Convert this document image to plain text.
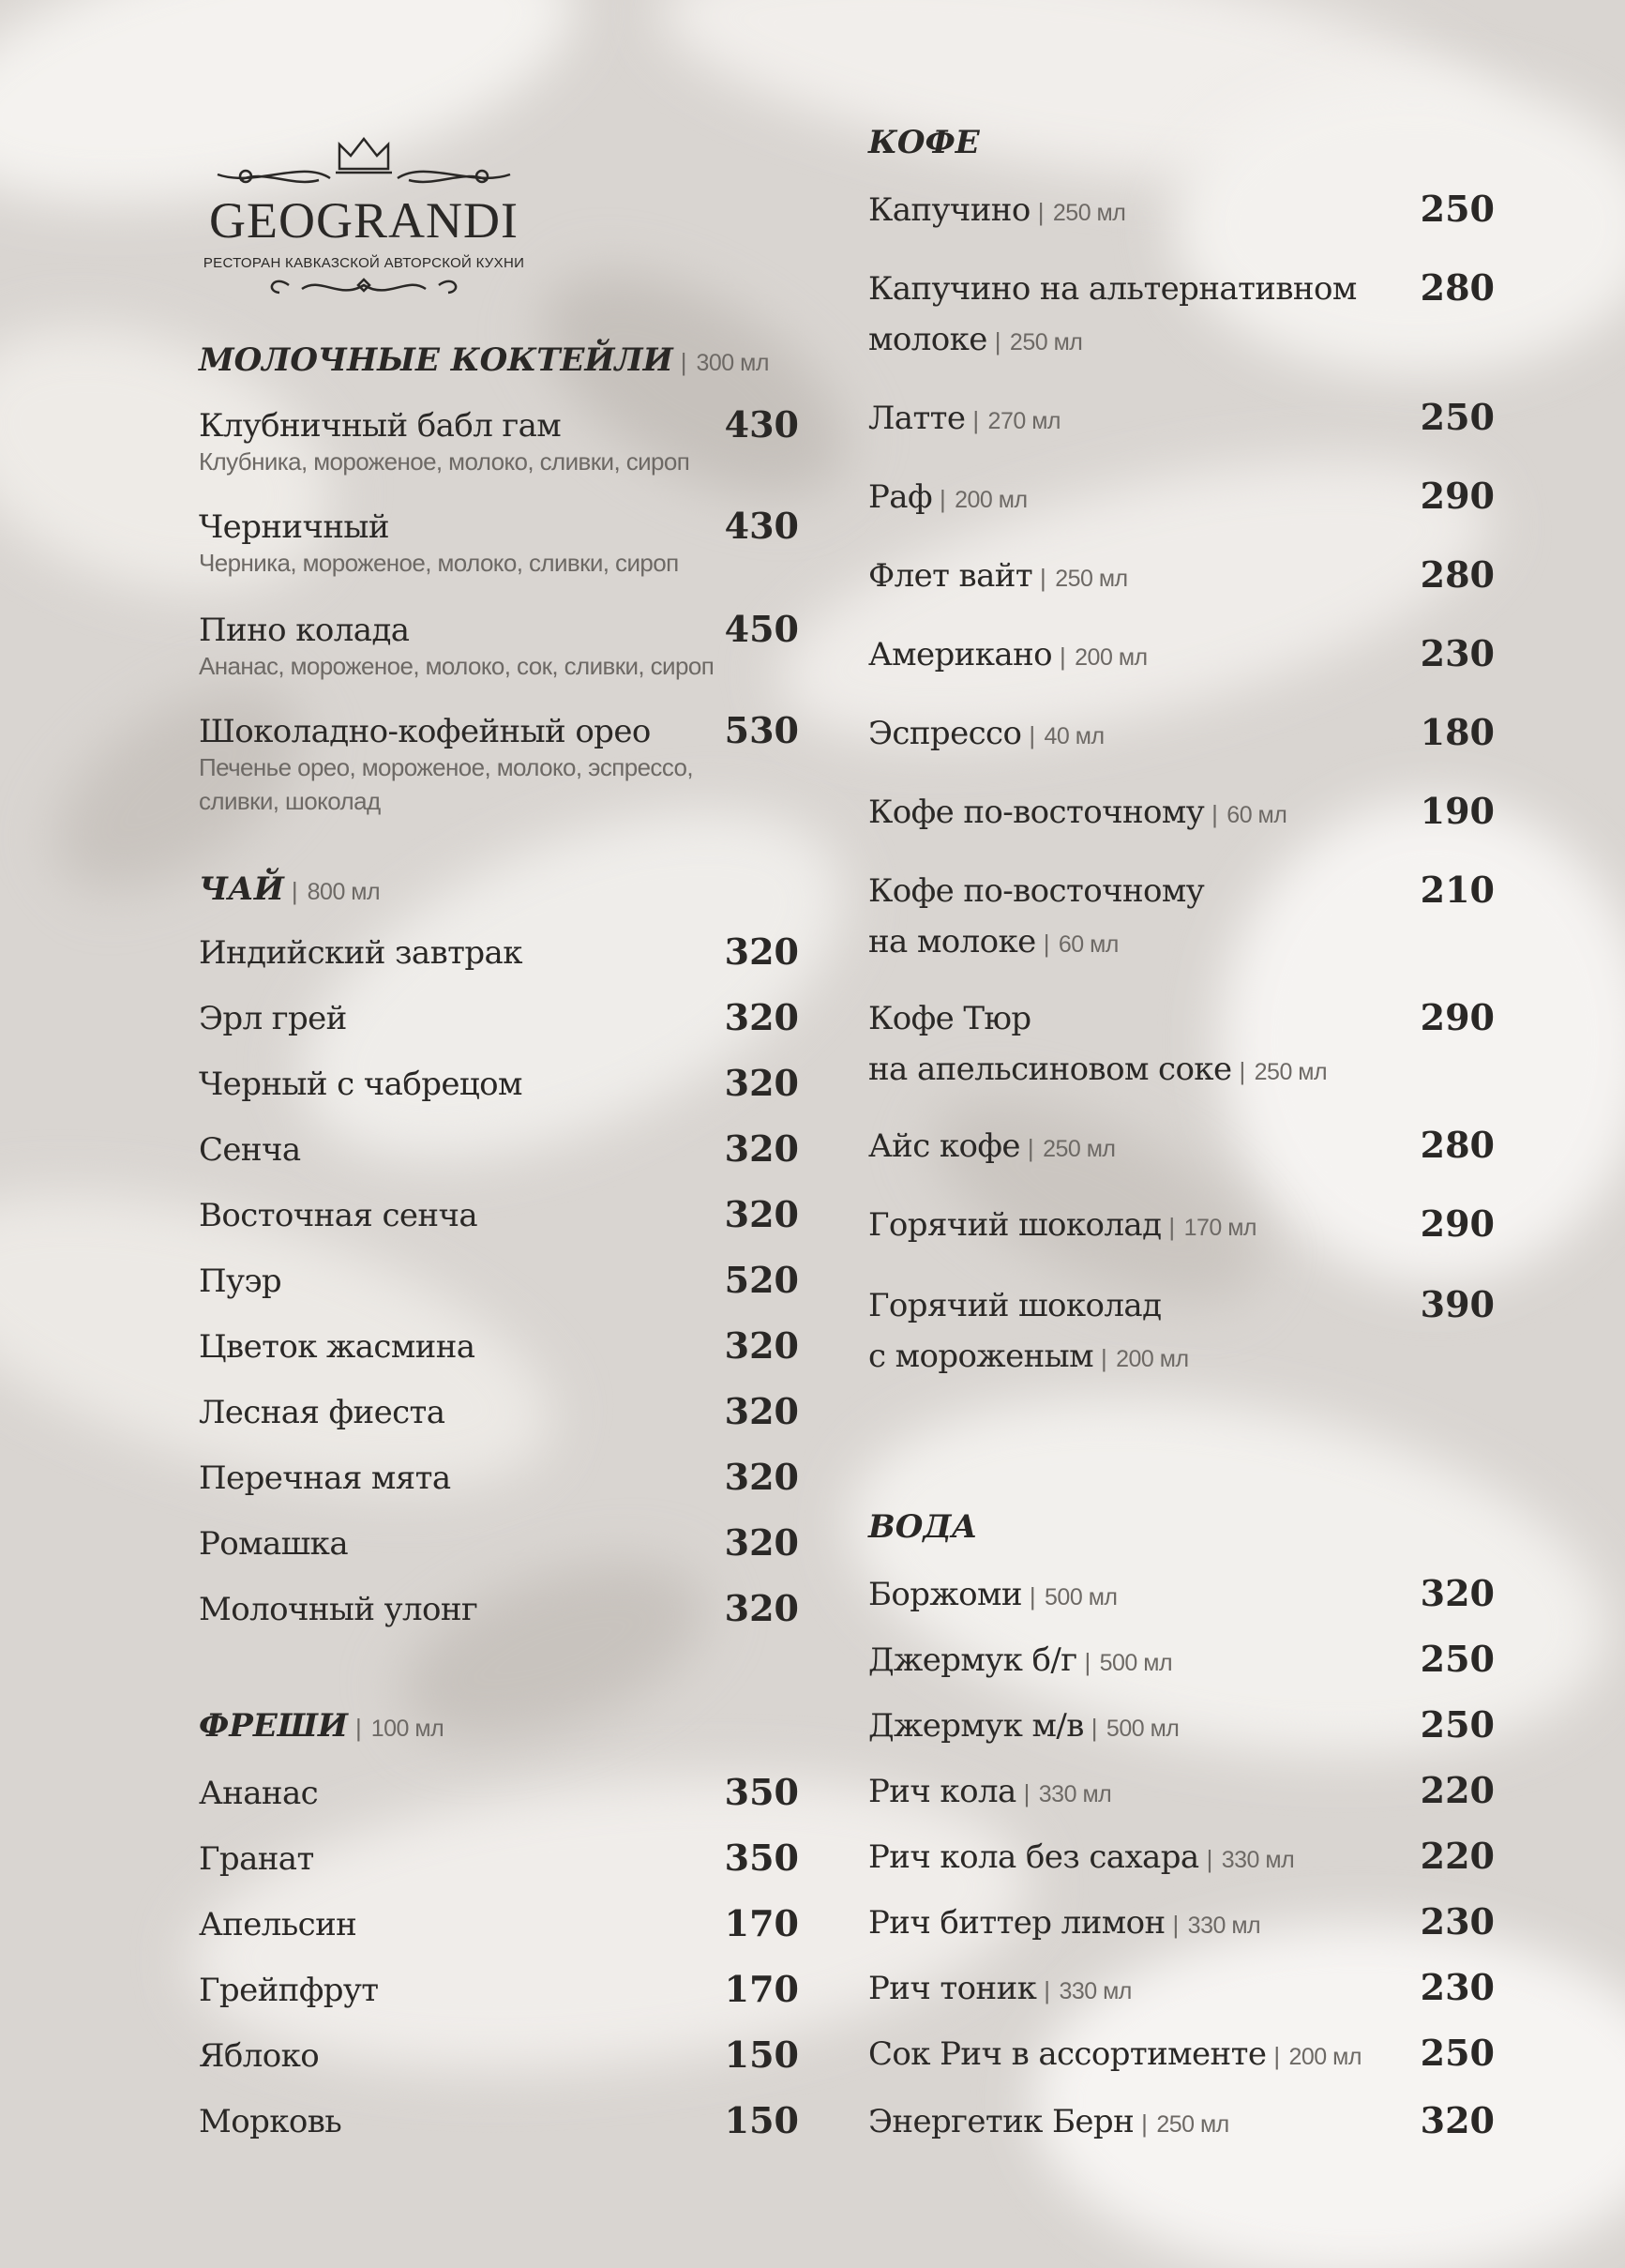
GEOGRANDI
РЕСТОРАН КАВКАЗСКОЙ АВТОРСКОЙ КУХНИ
МОЛОЧНЫЕ КОКТЕЙЛИ | 300 мл
Клубничный бабл гам
Клубника, мороженое, молоко, сливки, сироп
430
Черничный
Черника, мороженое, молоко, сливки, сироп
430
Пино колада
Ананас, мороженое, молоко, сок, сливки, сироп
450
Шоколадно-кофейный орео
Печенье орео, мороженое, молоко, эспрессо, сливки, шоколад
530
ЧАЙ | 800 мл
Индийский завтрак	320
Эрл грей	320
Черный с чабрецом	320
Сенча	320
Восточная сенча	320
Пуэр	520
Цветок жасмина	320
Лесная фиеста	320
Перечная мята	320
Ромашка	320
Молочный улонг	320
ФРЕШИ | 100 мл
Ананас	350
Гранат	350
Апельсин	170
Грейпфрут	170
Яблоко	150
Морковь	150
КОФЕ
Капучино | 250 мл	250
Капучино на альтернативном
молоке | 250 мл
280
Латте | 270 мл	250
Раф | 200 мл	290
Флет вайт | 250 мл	280
Американо | 200 мл	230
Эспрессо | 40 мл	180
Кофе по-восточному | 60 мл	190
Кофе по-восточному
на молоке | 60 мл
210
Кофе Тюр
на апельсиновом соке | 250 мл
290
Айс кофе | 250 мл	280
Горячий шоколад | 170 мл	290
Горячий шоколад
с мороженым | 200 мл
390
ВОДА
Боржоми | 500 мл	320
Джермук б/г | 500 мл	250
Джермук м/в | 500 мл	250
Рич кола | 330 мл	220
Рич кола без сахара | 330 мл	220
Рич биттер лимон | 330 мл	230
Рич тоник | 330 мл	230
Сок Рич в ассортименте | 200 мл	250
Энергетик Берн | 250 мл	320
